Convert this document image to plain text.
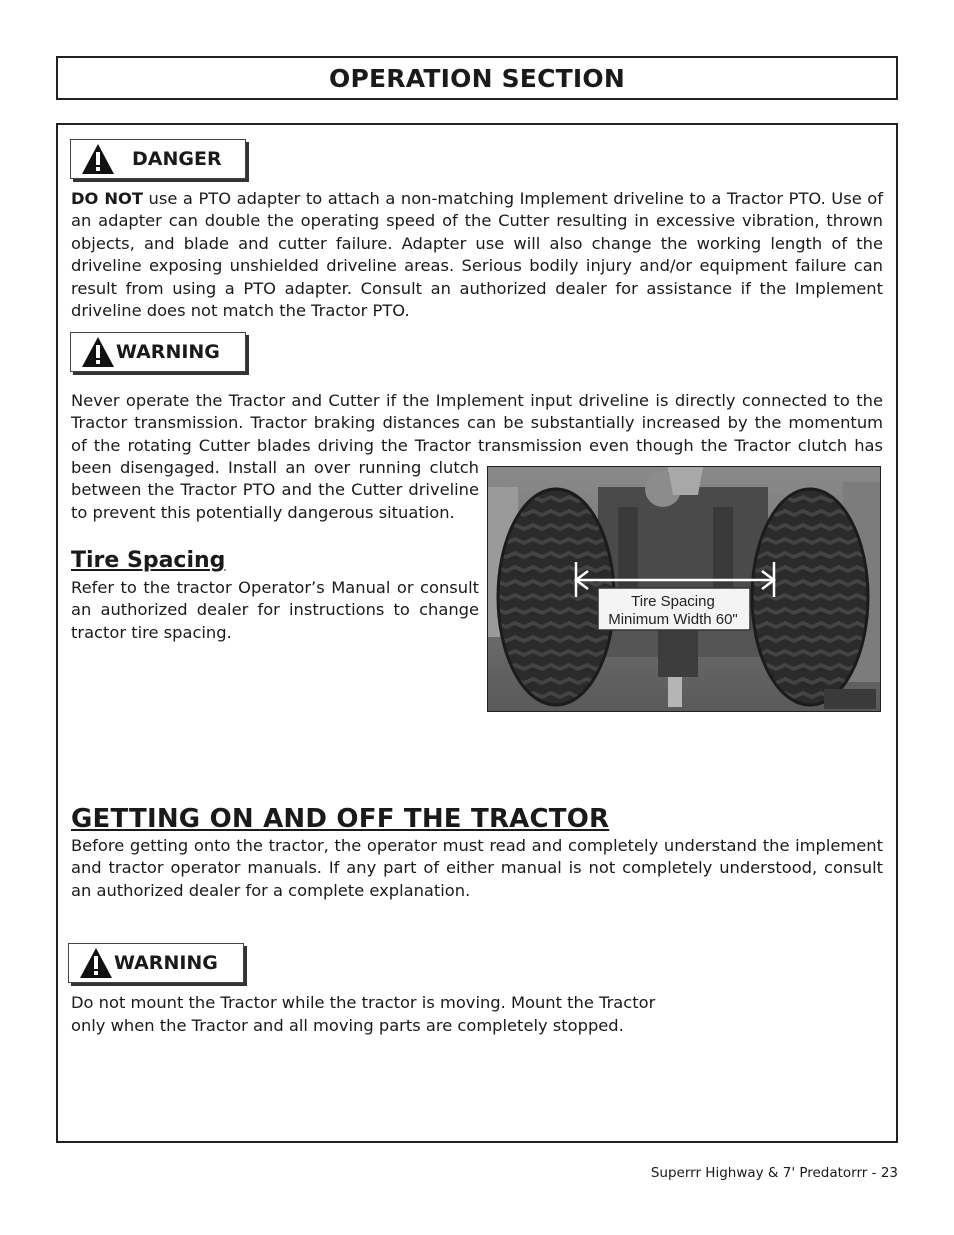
OPERATION SECTION
DANGER

DO NOT use a PTO adapter to attach a non-matching Implement driveline to a Tractor PTO. Use of an adapter can double the operating speed of the Cutter resulting in excessive vibration, thrown objects, and blade and cutter failure. Adapter use will also change the working length of the driveline exposing unshielded driveline areas. Serious bodily injury and/or equipment failure can result from using a PTO adapter. Consult an authorized dealer for assistance if the Implement driveline does not match the Tractor PTO.

WARNING

Never operate the Tractor and Cutter if the Implement input driveline is directly connected to the Tractor transmission. Tractor braking distances can be substantially increased by the momentum of the rotating Cutter blades driving the Tractor transmission even though the Tractor clutch has

been disengaged. Install an over running clutch between the Tractor PTO and the Cutter driveline to prevent this potentially dangerous situation.

Tire Spacing

Refer to the tractor Operator’s Manual or consult an authorized dealer for instructions to change tractor tire spacing.

Tire Spacing
Minimum Width 60"
GETTING ON AND OFF THE TRACTOR

Before getting onto the tractor, the operator must read and completely understand the implement and tractor operator manuals. If any part of either manual is not completely understood, consult an authorized dealer for a complete explanation.

WARNING
Do not mount the Tractor while the tractor is moving. Mount the Tractor
only when the Tractor and all moving parts are completely stopped.
Superrr Highway & 7' Predatorrr - 23
